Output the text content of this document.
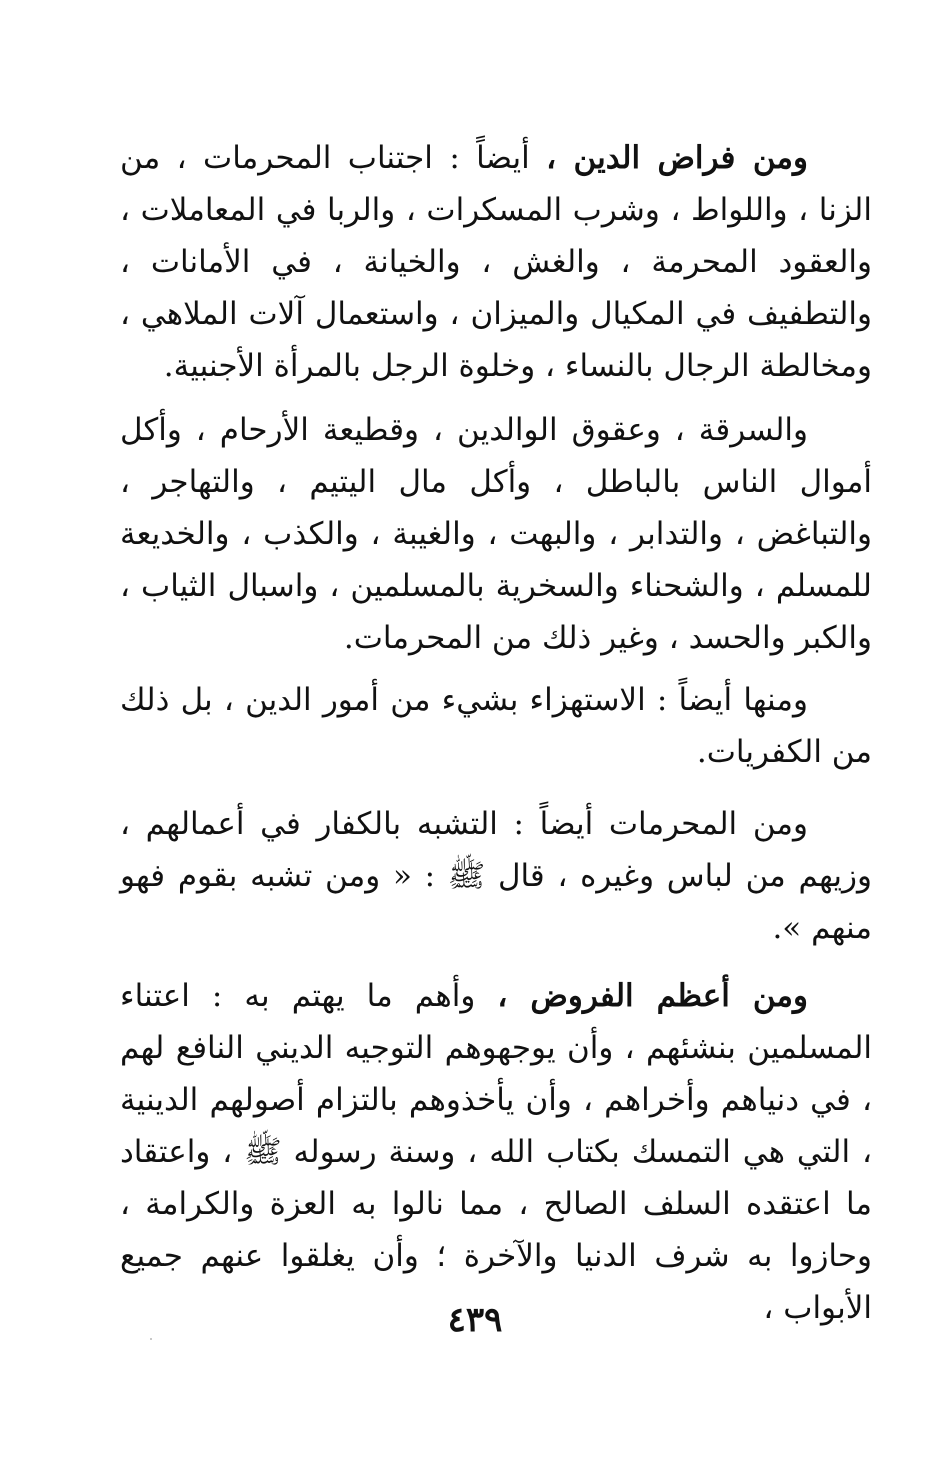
ومن فراض الدين ، أيضاً : اجتناب المحرمات ، من الزنا ، واللواط ، وشرب المسكرات ، والربا في المعاملات ، والعقود المحرمة ، والغش ، والخيانة ، في الأمانات ، والتطفيف في المكيال والميزان ، واستعمال آلات الملاهي ، ومخالطة الرجال بالنساء ، وخلوة الرجل بالمرأة الأجنبية.

والسرقة ، وعقوق الوالدين ، وقطيعة الأرحام ، وأكل أموال الناس بالباطل ، وأكل مال اليتيم ، والتهاجر ، والتباغض ، والتدابر ، والبهت ، والغيبة ، والكذب ، والخديعة للمسلم ، والشحناء والسخرية بالمسلمين ، واسبال الثياب ، والكبر والحسد ، وغير ذلك من المحرمات.

ومنها أيضاً : الاستهزاء بشيء من أمور الدين ، بل ذلك من الكفريات.

ومن المحرمات أيضاً : التشبه بالكفار في أعمالهم ، وزيهم من لباس وغيره ، قال ﷺ : « ومن تشبه بقوم فهو منهم ».

ومن أعظم الفروض ، وأهم ما يهتم به : اعتناء المسلمين بنشئهم ، وأن يوجهوهم التوجيه الديني النافع لهم ، في دنياهم وأخراهم ، وأن يأخذوهم بالتزام أصولهم الدينية ، التي هي التمسك بكتاب الله ، وسنة رسوله ﷺ ، واعتقاد ما اعتقده السلف الصالح ، مما نالوا به العزة والكرامة ، وحازوا به شرف الدنيا والآخرة ؛ وأن يغلقوا عنهم جميع الأبواب ،

٤٣٩
